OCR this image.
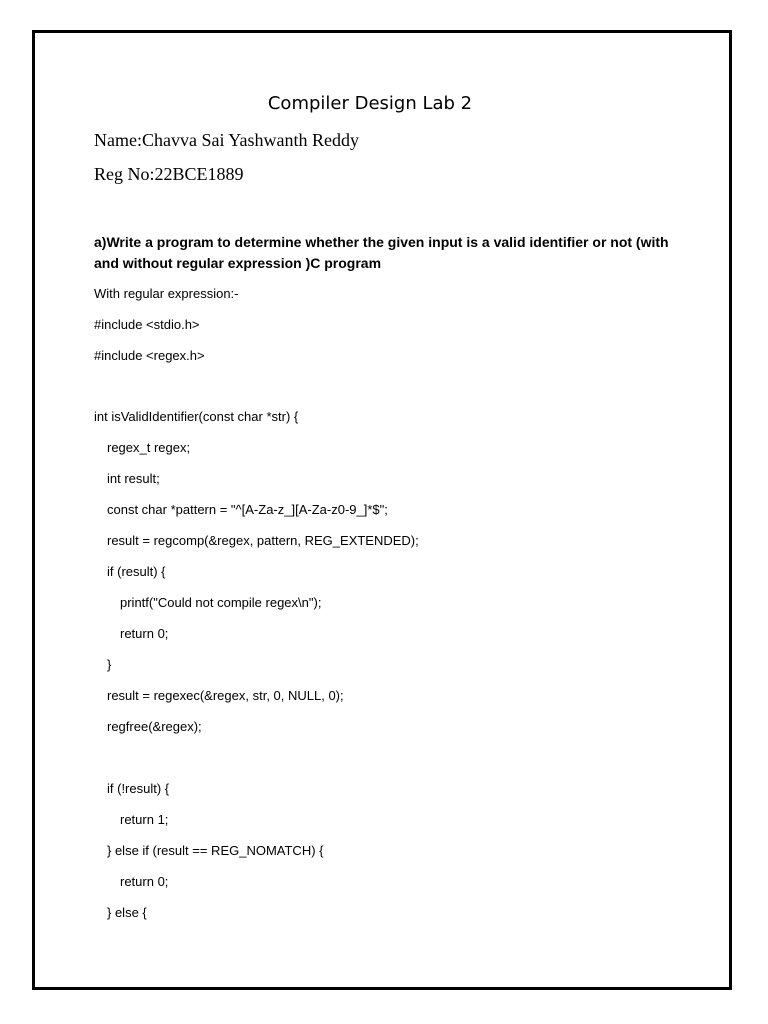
Compiler Design Lab 2
Name:Chavva Sai Yashwanth Reddy
Reg No:22BCE1889
a)Write a program to determine whether the given input is a valid identifier or not (with and without regular expression )C program
With regular expression:-
#include <stdio.h>
#include <regex.h>
int isValidIdentifier(const char *str) {
regex_t regex;
int result;
const char *pattern = "^[A-Za-z_][A-Za-z0-9_]*$";
result = regcomp(&regex, pattern, REG_EXTENDED);
if (result) {
printf("Could not compile regex\n");
return 0;
}
result = regexec(&regex, str, 0, NULL, 0);
regfree(&regex);
if (!result) {
return 1;
} else if (result == REG_NOMATCH) {
return 0;
} else {
